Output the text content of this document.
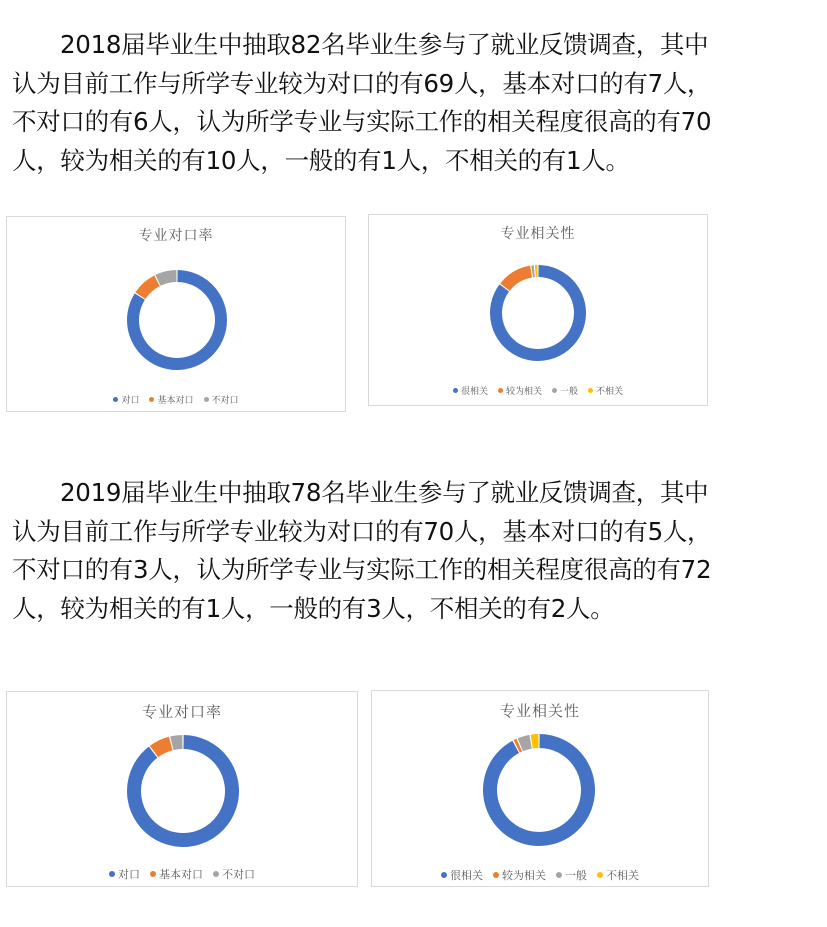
2018届毕业生中抽取82名毕业生参与了就业反馈调查，其中
认为目前工作与所学专业较为对口的有69人，基本对口的有7人，
不对口的有6人，认为所学专业与实际工作的相关程度很高的有70
人，较为相关的有10人，一般的有1人，不相关的有1人。
专业对口率
对口 基本对口 不对口
专业相关性
很相关 较为相关 一般 不相关
2019届毕业生中抽取78名毕业生参与了就业反馈调查，其中
认为目前工作与所学专业较为对口的有70人，基本对口的有5人，
不对口的有3人，认为所学专业与实际工作的相关程度很高的有72
人，较为相关的有1人，一般的有3人，不相关的有2人。
专业对口率
对口 基本对口 不对口
专业相关性
很相关 较为相关 一般 不相关
